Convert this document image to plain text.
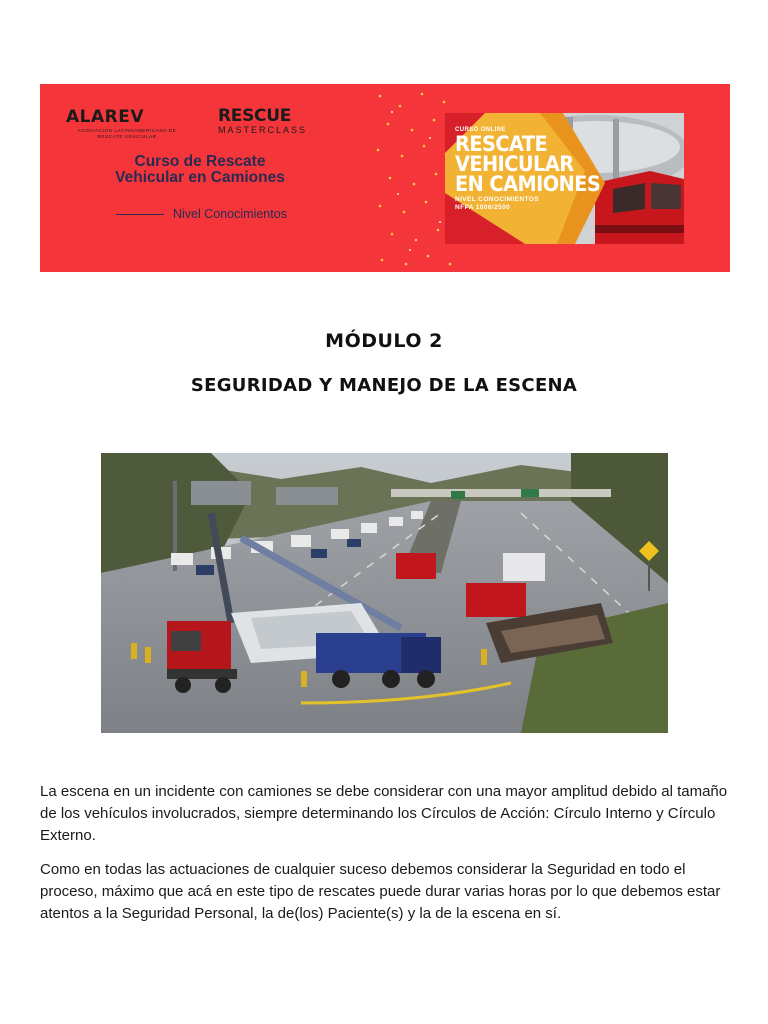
ALAREV
ASOCIACIÓN LATINOAMERICANA DE RESCATE VEHICULAR
RESCUE
MASTERCLASS
Curso de Rescate
Vehicular en Camiones
Nivel Conocimientos
CURSO ONLINE
RESCATE
VEHICULAR
EN CAMIONES
NIVEL CONOCIMIENTOS
NFPA 1006/2500
MÓDULO 2
SEGURIDAD Y MANEJO DE LA ESCENA

La escena en un incidente con camiones se debe considerar con una mayor amplitud debido al tamaño de los vehículos involucrados, siempre determinando los Círculos de Acción: Círculo Interno y Círculo Externo.

Como en todas las actuaciones de cualquier suceso debemos considerar la Seguridad en todo el proceso, máximo que acá en este tipo de rescates puede durar varias horas por lo que debemos estar atentos a la Seguridad Personal, la de(los) Paciente(s) y la de la escena en sí.
